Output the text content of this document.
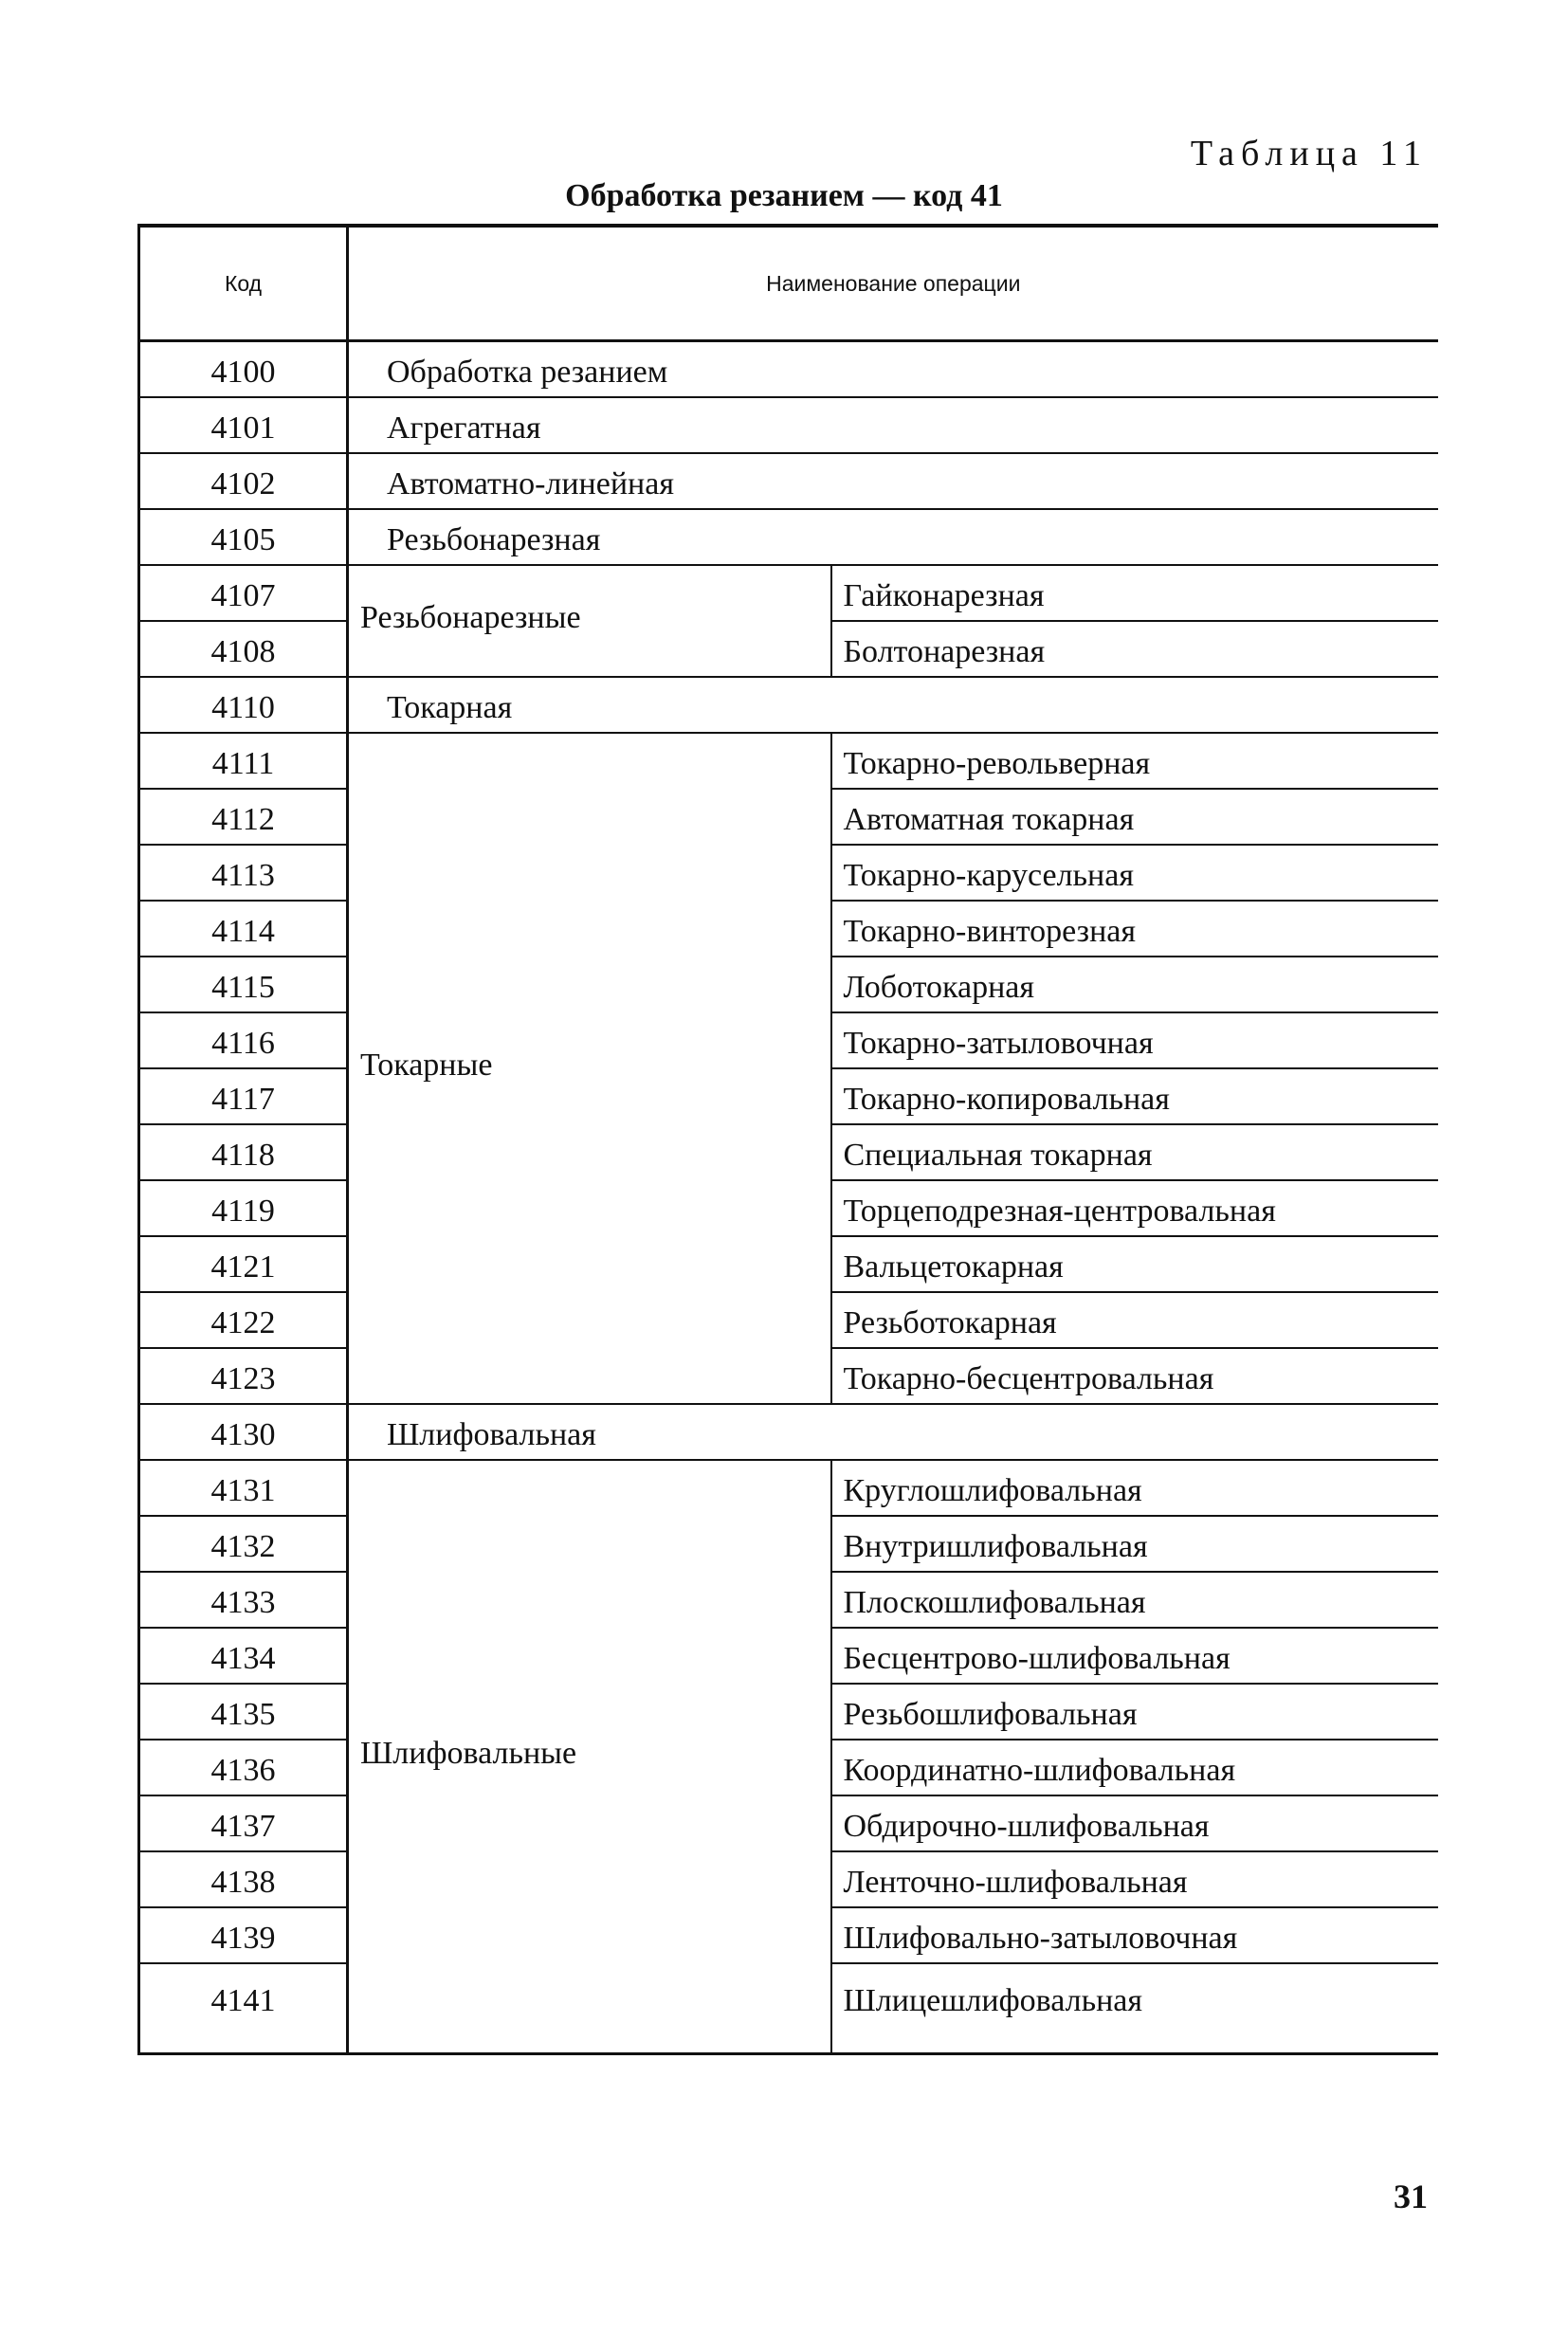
Таблица 11
Обработка резанием — код 41
Код	Наименование операции	
4100	Обработка резанием	
4101	Агрегатная	
4102	Автоматно-линейная	
4105	Резьбонарезная	
4107	Резьбонарезные	Гайконарезная
4108		Болтонарезная
4110	Токарная	
4111	Токарные	Токарно-револьверная
4112		Автоматная токарная
4113		Токарно-карусельная
4114		Токарно-винторезная
4115		Лоботокарная
4116		Токарно-затыловочная
4117		Токарно-копировальная
4118		Специальная токарная
4119		Торцеподрезная-центровальная
4121		Вальцетокарная
4122		Резьботокарная
4123		Токарно-бесцентровальная
4130	Шлифовальная	
4131	Шлифовальные	Круглошлифовальная
4132		Внутришлифовальная
4133		Плоскошлифовальная
4134		Бесцентрово-шлифовальная
4135		Резьбошлифовальная
4136		Координатно-шлифовальная
4137		Обдирочно-шлифовальная
4138		Ленточно-шлифовальная
4139		Шлифовально-затыловочная
4141		Шлицешлифовальная
31
